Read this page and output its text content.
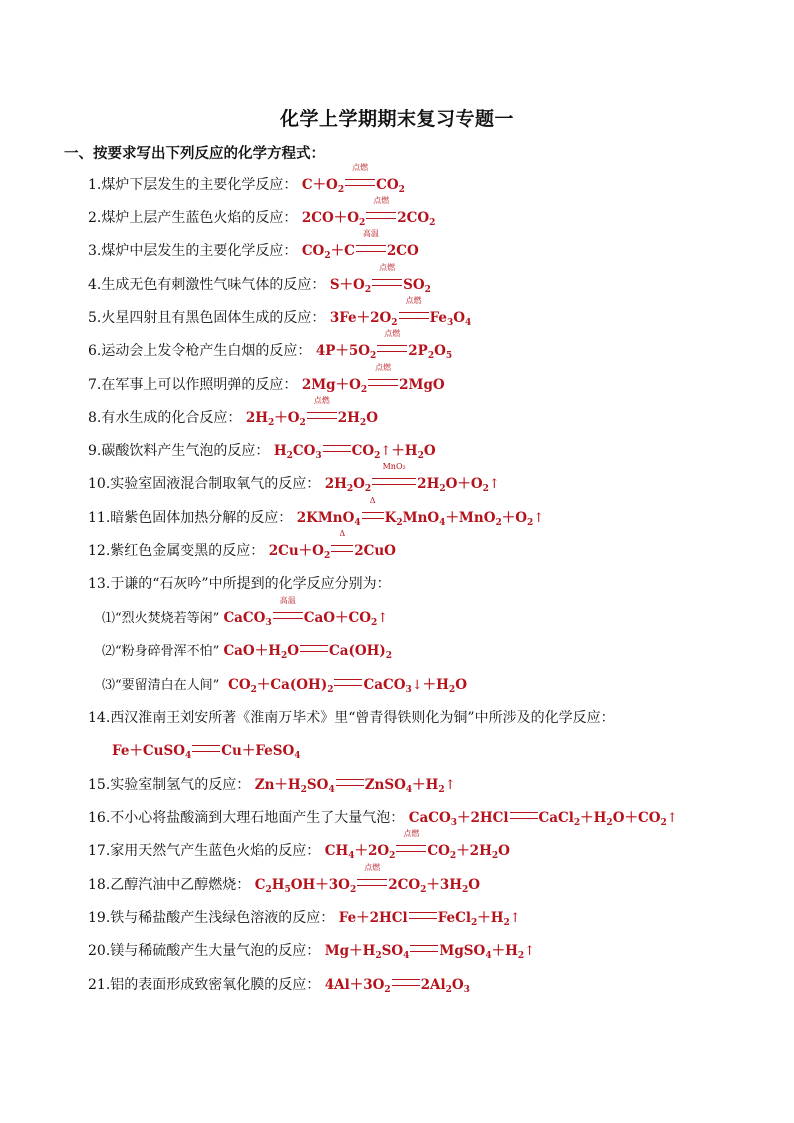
化学上学期期末复习专题一
一、按要求写出下列反应的化学方程式：
1.煤炉下层发生的主要化学反应： $C+O_2$
点燃
$CO_2$
2.煤炉上层产生蓝色火焰的反应： $2CO+O_2$
点燃
$2CO_2$
3.煤炉中层发生的主要化学反应： $CO_2+C$
高温
2CO
4.生成无色有刺激性气味气体的反应： $S+O_2$
点燃
$SO_2$
5.火星四射且有黑色固体生成的反应： $3Fe+2O_2$
点燃
$Fe_3O_4$
6.运动会上发令枪产生白烟的反应： $4P+5O_2$
点燃
$2P_2O_5$
7.在军事上可以作照明弹的反应： $2Mg+O_2$
点燃
2MgO
8.有水生成的化合反应： $2H_2+O_2$
点燃
$2H_2O$
9.碳酸饮料产生气泡的反应： $H_2CO_3$ $CO_2↑+H_2O$
10.实验室固液混合制取氧气的反应： $2H_2O_2$
MnO₂
$2H_2O+O_2↑$
11.暗紫色固体加热分解的反应： 2KMnO$_4$
Δ
$K_2MnO_4+MnO_2+O_2↑$
12.紫红色金属变黑的反应： $2Cu+O_2$
Δ
2CuO
13.于谦的“石灰吟”中所提到的化学反应分别为：
⑴“烈火焚烧若等闲” CaCO$_3$
高温
$CaO+CO_2↑$
⑵“粉身碎骨浑不怕” $CaO+H_2O$ $Ca(OH)_2$
⑶“要留清白在人间”  $CO_2+Ca(OH)_2$ $CaCO_3↓+H_2O$
14.西汉淮南王刘安所著《淮南万毕术》里“曾青得铁则化为铜”中所涉及的化学反应：
Fe＋CuSO$_4$ Cu＋FeSO$_4$
15.实验室制氢气的反应： $Zn+H_2SO_4$ $ZnSO_4+H_2↑$
16.不小心将盐酸滴到大理石地面产生了大量气泡： CaCO$_3$＋2HCl $CaCl_2+H_2O+CO_2↑$
17.家用天然气产生蓝色火焰的反应： $CH_4+2O_2$
点燃
$CO_2+2H_2O$
18.乙醇汽油中乙醇燃烧： $C_2H_5OH+3O_2$
点燃
$2CO_2+3H_2O$
19.铁与稀盐酸产生浅绿色溶液的反应： Fe＋2HCl $FeCl_2+H_2↑$
20.镁与稀硫酸产生大量气泡的反应： $Mg+H_2SO_4$ $MgSO_4+H_2↑$
21.铝的表面形成致密氧化膜的反应： $4Al+3O_2$ $2Al_2O_3$
